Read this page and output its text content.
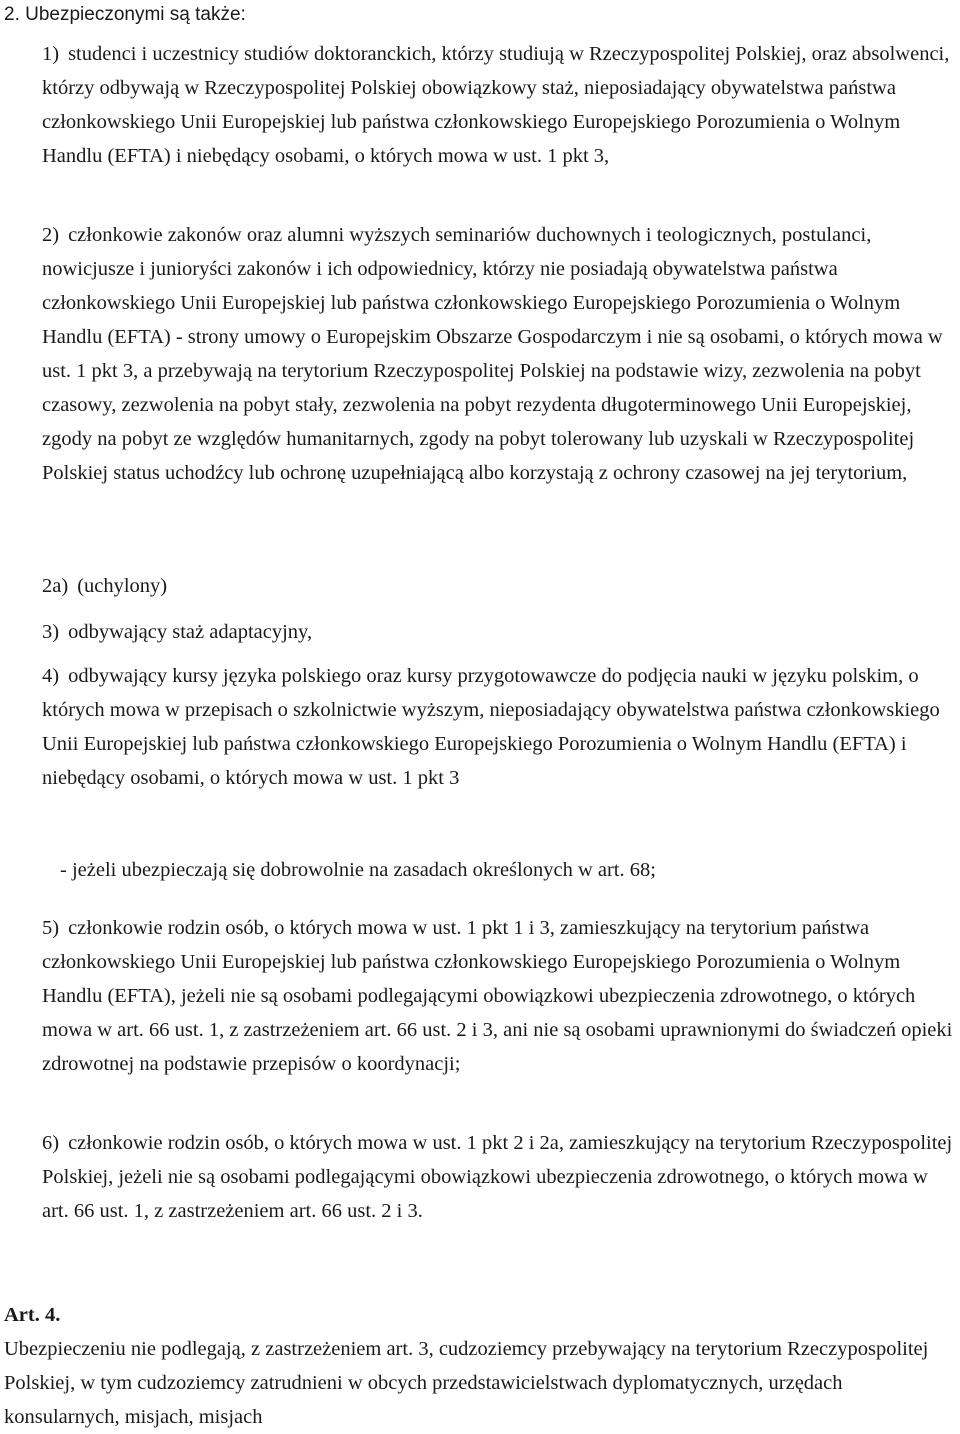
2. Ubezpieczonymi są także:

1) studenci i uczestnicy studiów doktoranckich, którzy studiują w Rzeczypospolitej Polskiej, oraz absolwenci, którzy odbywają w Rzeczypospolitej Polskiej obowiązkowy staż, nieposiadający obywatelstwa państwa członkowskiego Unii Europejskiej lub państwa członkowskiego Europejskiego Porozumienia o Wolnym Handlu (EFTA) i niebędący osobami, o których mowa w ust. 1 pkt 3,

2) członkowie zakonów oraz alumni wyższych seminariów duchownych i teologicznych, postulanci, nowicjusze i junioryści zakonów i ich odpowiednicy, którzy nie posiadają obywatelstwa państwa członkowskiego Unii Europejskiej lub państwa członkowskiego Europejskiego Porozumienia o Wolnym Handlu (EFTA) - strony umowy o Europejskim Obszarze Gospodarczym i nie są osobami, o których mowa w ust. 1 pkt 3, a przebywają na terytorium Rzeczypospolitej Polskiej na podstawie wizy, zezwolenia na pobyt czasowy, zezwolenia na pobyt stały, zezwolenia na pobyt rezydenta długoterminowego Unii Europejskiej, zgody na pobyt ze względów humanitarnych, zgody na pobyt tolerowany lub uzyskali w Rzeczypospolitej Polskiej status uchodźcy lub ochronę uzupełniającą albo korzystają z ochrony czasowej na jej terytorium,

2a) (uchylony)

3) odbywający staż adaptacyjny,

4) odbywający kursy języka polskiego oraz kursy przygotowawcze do podjęcia nauki w języku polskim, o których mowa w przepisach o szkolnictwie wyższym, nieposiadający obywatelstwa państwa członkowskiego Unii Europejskiej lub państwa członkowskiego Europejskiego Porozumienia o Wolnym Handlu (EFTA) i niebędący osobami, o których mowa w ust. 1 pkt 3

- jeżeli ubezpieczają się dobrowolnie na zasadach określonych w art. 68;

5) członkowie rodzin osób, o których mowa w ust. 1 pkt 1 i 3, zamieszkujący na terytorium państwa członkowskiego Unii Europejskiej lub państwa członkowskiego Europejskiego Porozumienia o Wolnym Handlu (EFTA), jeżeli nie są osobami podlegającymi obowiązkowi ubezpieczenia zdrowotnego, o których mowa w art. 66 ust. 1, z zastrzeżeniem art. 66 ust. 2 i 3, ani nie są osobami uprawnionymi do świadczeń opieki zdrowotnej na podstawie przepisów o koordynacji;

6) członkowie rodzin osób, o których mowa w ust. 1 pkt 2 i 2a, zamieszkujący na terytorium Rzeczypospolitej Polskiej, jeżeli nie są osobami podlegającymi obowiązkowi ubezpieczenia zdrowotnego, o których mowa w art. 66 ust. 1, z zastrzeżeniem art. 66 ust. 2 i 3.

Art. 4.

Ubezpieczeniu nie podlegają, z zastrzeżeniem art. 3, cudzoziemcy przebywający na terytorium Rzeczypospolitej Polskiej, w tym cudzoziemcy zatrudnieni w obcych przedstawicielstwach dyplomatycznych, urzędach konsularnych, misjach, misjach
